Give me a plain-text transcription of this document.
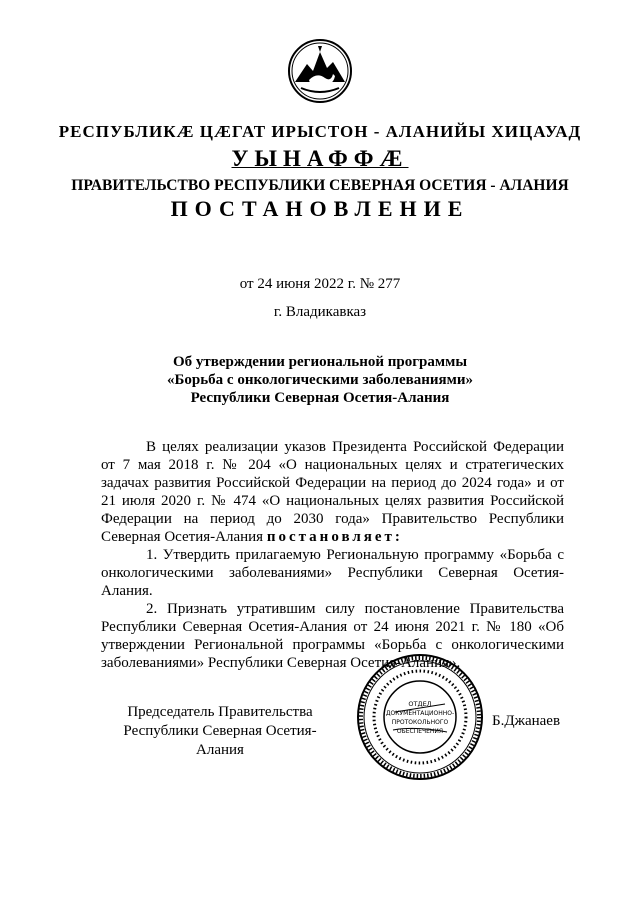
РЕСПУБЛИКÆ ЦÆГАТ ИРЫСТОН - АЛАНИЙЫ ХИЦАУАД
УЫНАФФÆ
ПРАВИТЕЛЬСТВО РЕСПУБЛИКИ СЕВЕРНАЯ ОСЕТИЯ - АЛАНИЯ
ПОСТАНОВЛЕНИЕ
от 24 июня 2022 г. № 277
г. Владикавказ
Об утверждении региональной программы
«Борьба с онкологическими заболеваниями»
Республики Северная Осетия-Алания

В целях реализации указов Президента Российской Федерации от 7 мая 2018 г. № 204 «О национальных целях и стратегических задачах развития Российской Федерации на период до 2024 года» и от 21 июля 2020 г. № 474 «О национальных целях развития Российской Федерации на период до 2030 года» Правительство Республики Северная Осетия-Алания постановляет:

1. Утвердить прилагаемую Региональную программу «Борьба с онкологическими заболеваниями» Республики Северная Осетия-Алания.

2. Признать утратившим силу постановление Правительства Республики Северная Осетия-Алания от 24 июня 2021 г. № 180 «Об утверждении Региональной программы «Борьба с онкологическими заболеваниями» Республики Северная Осетия-Алания».

Председатель Правительства
Республики Северная Осетия-Алания
ОТДЕЛ
ДОКУМЕНТАЦИОННО-
ПРОТОКОЛЬНОГО
ОБЕСПЕЧЕНИЯ
Б.Джанаев
